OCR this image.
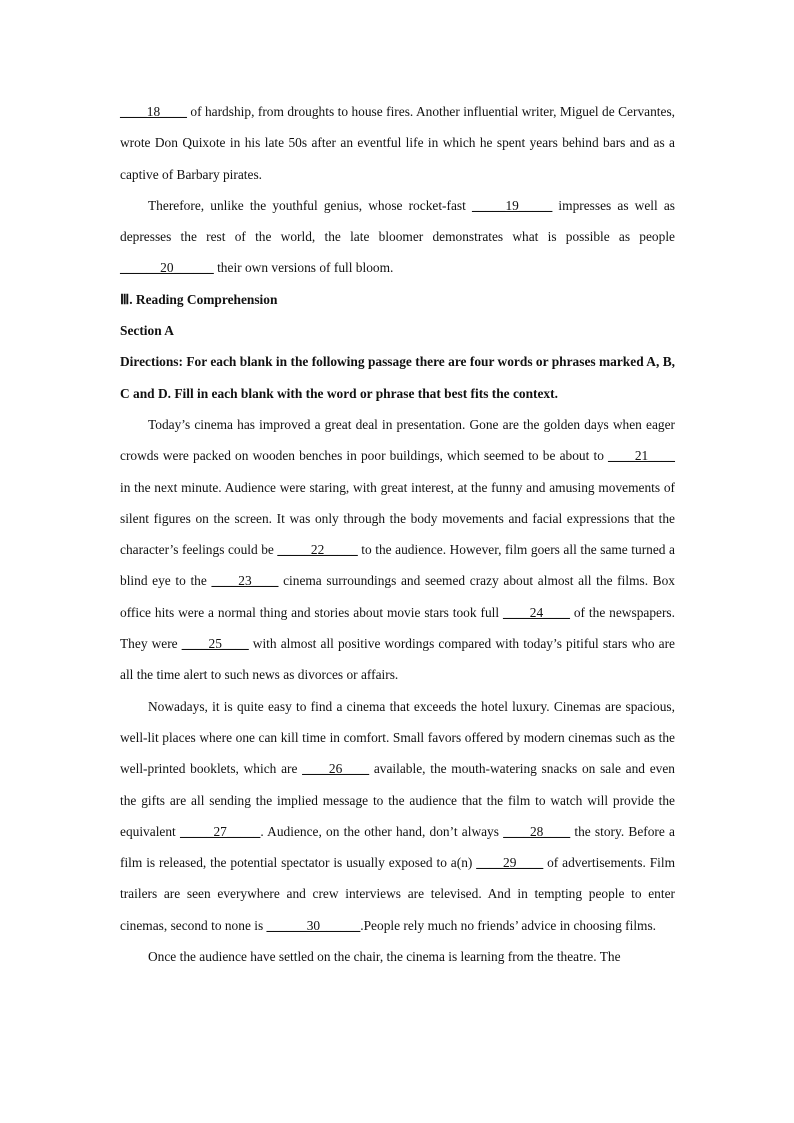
____18____ of hardship, from droughts to house fires. Another influential writer, Miguel de Cervantes, wrote Don Quixote in his late 50s after an eventful life in which he spent years behind bars and as a captive of Barbary pirates.

Therefore, unlike the youthful genius, whose rocket-fast _____19_____ impresses as well as depresses the rest of the world, the late bloomer demonstrates what is possible as people ______20______ their own versions of full bloom.

Ⅲ. Reading Comprehension

Section A

Directions: For each blank in the following passage there are four words or phrases marked A, B, C and D. Fill in each blank with the word or phrase that best fits the context.

Today’s cinema has improved a great deal in presentation. Gone are the golden days when eager crowds were packed on wooden benches in poor buildings, which seemed to be about to ____21____ in the next minute. Audience were staring, with great interest, at the funny and amusing movements of silent figures on the screen. It was only through the body movements and facial expressions that the character’s feelings could be _____22_____ to the audience. However, film goers all the same turned a blind eye to the ____23____ cinema surroundings and seemed crazy about almost all the films. Box office hits were a normal thing and stories about movie stars took full ____24____ of the newspapers. They were ____25____ with almost all positive wordings compared with today’s pitiful stars who are all the time alert to such news as divorces or affairs.

Nowadays, it is quite easy to find a cinema that exceeds the hotel luxury. Cinemas are spacious, well-lit places where one can kill time in comfort. Small favors offered by modern cinemas such as the well-printed booklets, which are ____26____ available, the mouth-watering snacks on sale and even the gifts are all sending the implied message to the audience that the film to watch will provide the equivalent _____27_____. Audience, on the other hand, don’t always ____28____ the story. Before a film is released, the potential spectator is usually exposed to a(n) ____29____ of advertisements. Film trailers are seen everywhere and crew interviews are televised. And in tempting people to enter cinemas, second to none is ______30______.People rely much no friends’ advice in choosing films.

Once the audience have settled on the chair, the cinema is learning from the theatre. The
